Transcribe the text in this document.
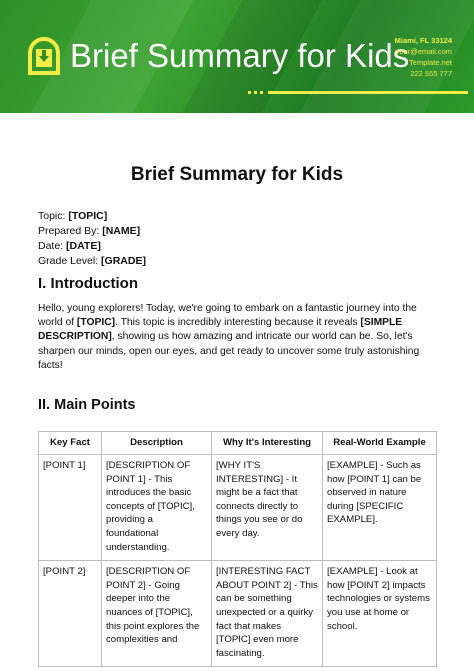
Brief Summary for Kids
Miami, FL 33124
your@email.com
Template.net
222 555 777
Brief Summary for Kids
Topic: [TOPIC]
Prepared By: [NAME]
Date: [DATE]
Grade Level: [GRADE]
I. Introduction
Hello, young explorers! Today, we're going to embark on a fantastic journey into the world of [TOPIC]. This topic is incredibly interesting because it reveals [SIMPLE DESCRIPTION], showing us how amazing and intricate our world can be. So, let's sharpen our minds, open our eyes, and get ready to uncover some truly astonishing facts!
II. Main Points
Key Fact	Description	Why It's Interesting	Real-World Example
[POINT 1]	[DESCRIPTION OF POINT 1] - This introduces the basic concepts of [TOPIC], providing a foundational understanding.	[WHY IT'S INTERESTING] - It might be a fact that connects directly to things you see or do every day.	[EXAMPLE] - Such as how [POINT 1] can be observed in nature during [SPECIFIC EXAMPLE].
[POINT 2]	[DESCRIPTION OF POINT 2] - Going deeper into the nuances of [TOPIC], this point explores the complexities and	[INTERESTING FACT ABOUT POINT 2] - This can be something unexpected or a quirky fact that makes [TOPIC] even more fascinating.	[EXAMPLE] - Look at how [POINT 2] impacts technologies or systems you use at home or school.
